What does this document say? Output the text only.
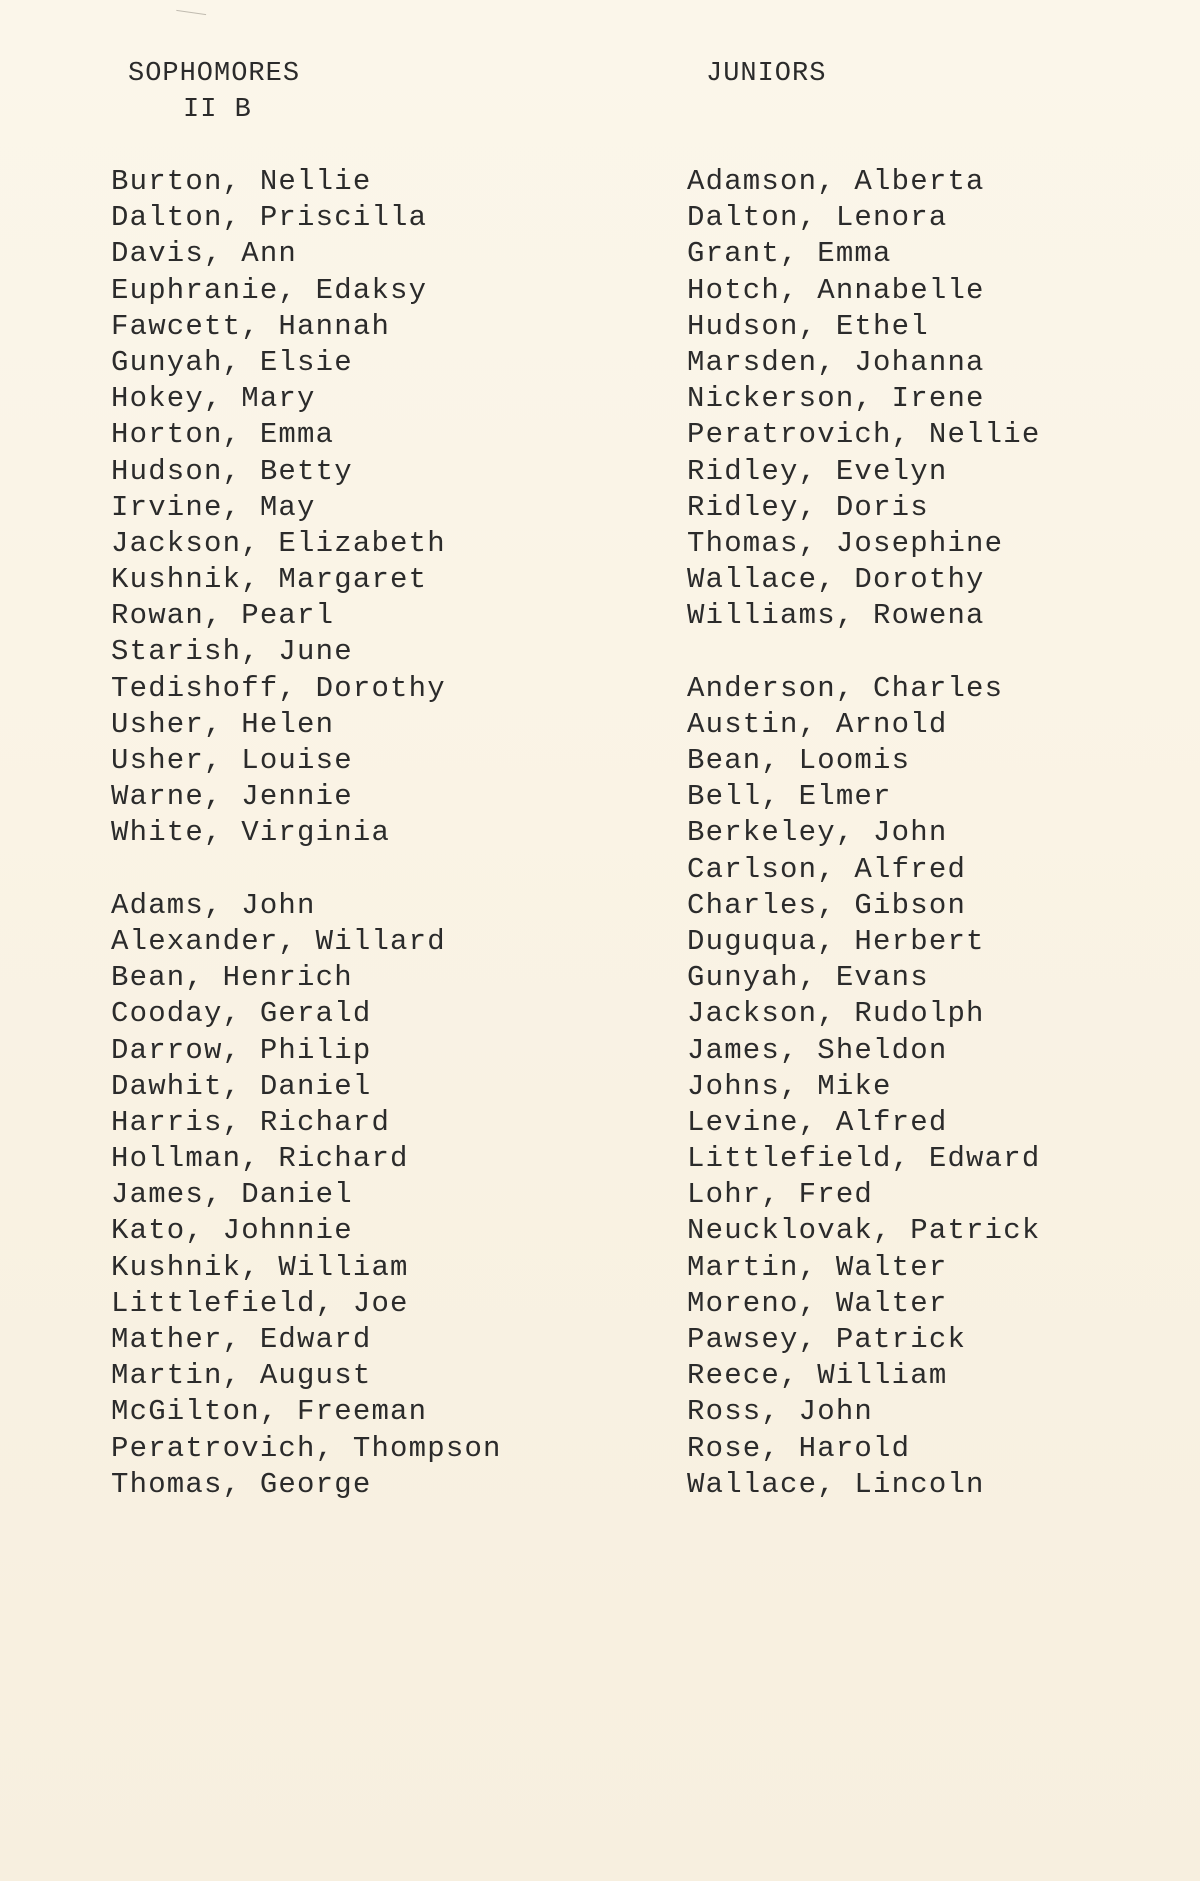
SOPHOMORES
II B
JUNIORS
Burton, Nellie
Dalton, Priscilla
Davis, Ann
Euphranie, Edaksy
Fawcett, Hannah
Gunyah, Elsie
Hokey, Mary
Horton, Emma
Hudson, Betty
Irvine, May
Jackson, Elizabeth
Kushnik, Margaret
Rowan, Pearl
Starish, June
Tedishoff, Dorothy
Usher, Helen
Usher, Louise
Warne, Jennie
White, Virginia
Adams, John
Alexander, Willard
Bean, Henrich
Cooday, Gerald
Darrow, Philip
Dawhit, Daniel
Harris, Richard
Hollman, Richard
James, Daniel
Kato, Johnnie
Kushnik, William
Littlefield, Joe
Mather, Edward
Martin, August
McGilton, Freeman
Peratrovich, Thompson
Thomas, George
Adamson, Alberta
Dalton, Lenora
Grant, Emma
Hotch, Annabelle
Hudson, Ethel
Marsden, Johanna
Nickerson, Irene
Peratrovich, Nellie
Ridley, Evelyn
Ridley, Doris
Thomas, Josephine
Wallace, Dorothy
Williams, Rowena
Anderson, Charles
Austin, Arnold
Bean, Loomis
Bell, Elmer
Berkeley, John
Carlson, Alfred
Charles, Gibson
Duguqua, Herbert
Gunyah, Evans
Jackson, Rudolph
James, Sheldon
Johns, Mike
Levine, Alfred
Littlefield, Edward
Lohr, Fred
Neucklovak, Patrick
Martin, Walter
Moreno, Walter
Pawsey, Patrick
Reece, William
Ross, John
Rose, Harold
Wallace, Lincoln
